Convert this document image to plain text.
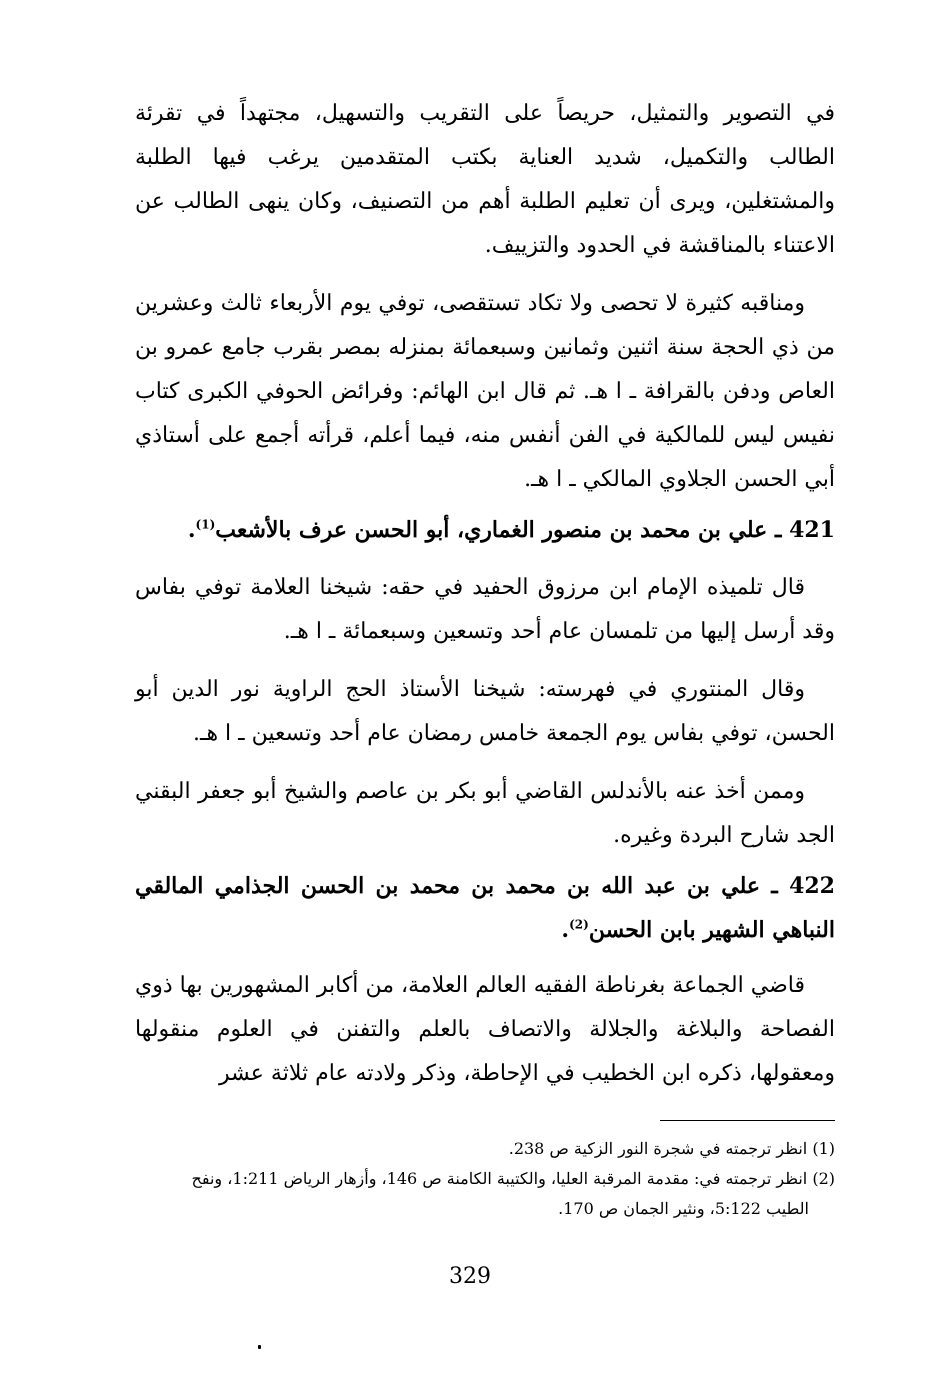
في التصوير والتمثيل، حريصاً على التقريب والتسهيل، مجتهداً في تقرئة الطالب والتكميل، شديد العناية بكتب المتقدمين يرغب فيها الطلبة والمشتغلين، ويرى أن تعليم الطلبة أهم من التصنيف، وكان ينهى الطالب عن الاعتناء بالمناقشة في الحدود والتزييف.

ومناقبه كثيرة لا تحصى ولا تكاد تستقصى، توفي يوم الأربعاء ثالث وعشرين من ذي الحجة سنة اثنين وثمانين وسبعمائة بمنزله بمصر بقرب جامع عمرو بن العاص ودفن بالقرافة ـ ا هـ. ثم قال ابن الهائم: وفرائض الحوفي الكبرى كتاب نفيس ليس للمالكية في الفن أنفس منه، فيما أعلم، قرأته أجمع على أستاذي أبي الحسن الجلاوي المالكي ـ ا هـ.

421 ـ علي بن محمد بن منصور الغماري، أبو الحسن عرف بالأشعب$^{(1)}$.

قال تلميذه الإمام ابن مرزوق الحفيد في حقه: شيخنا العلامة توفي بفاس وقد أرسل إليها من تلمسان عام أحد وتسعين وسبعمائة ـ ا هـ.

وقال المنتوري في فهرسته: شيخنا الأستاذ الحج الراوية نور الدين أبو الحسن، توفي بفاس يوم الجمعة خامس رمضان عام أحد وتسعين ـ ا هـ.

وممن أخذ عنه بالأندلس القاضي أبو بكر بن عاصم والشيخ أبو جعفر البقني الجد شارح البردة وغيره.

422 ـ علي بن عبد الله بن محمد بن محمد بن الحسن الجذامي المالقي النباهي الشهير بابن الحسن$^{(2)}$.

قاضي الجماعة بغرناطة الفقيه العالم العلامة، من أكابر المشهورين بها ذوي الفصاحة والبلاغة والجلالة والاتصاف بالعلم والتفنن في العلوم منقولها ومعقولها، ذكره ابن الخطيب في الإحاطة، وذكر ولادته عام ثلاثة عشر

(1) انظر ترجمته في شجرة النور الزكية ص 238.

(2) انظر ترجمته في: مقدمة المرقبة العليا، والكتيبة الكامنة ص 146، وأزهار الرياض 1:211، ونفح

الطيب 5:122، ونثير الجمان ص 170.

329
